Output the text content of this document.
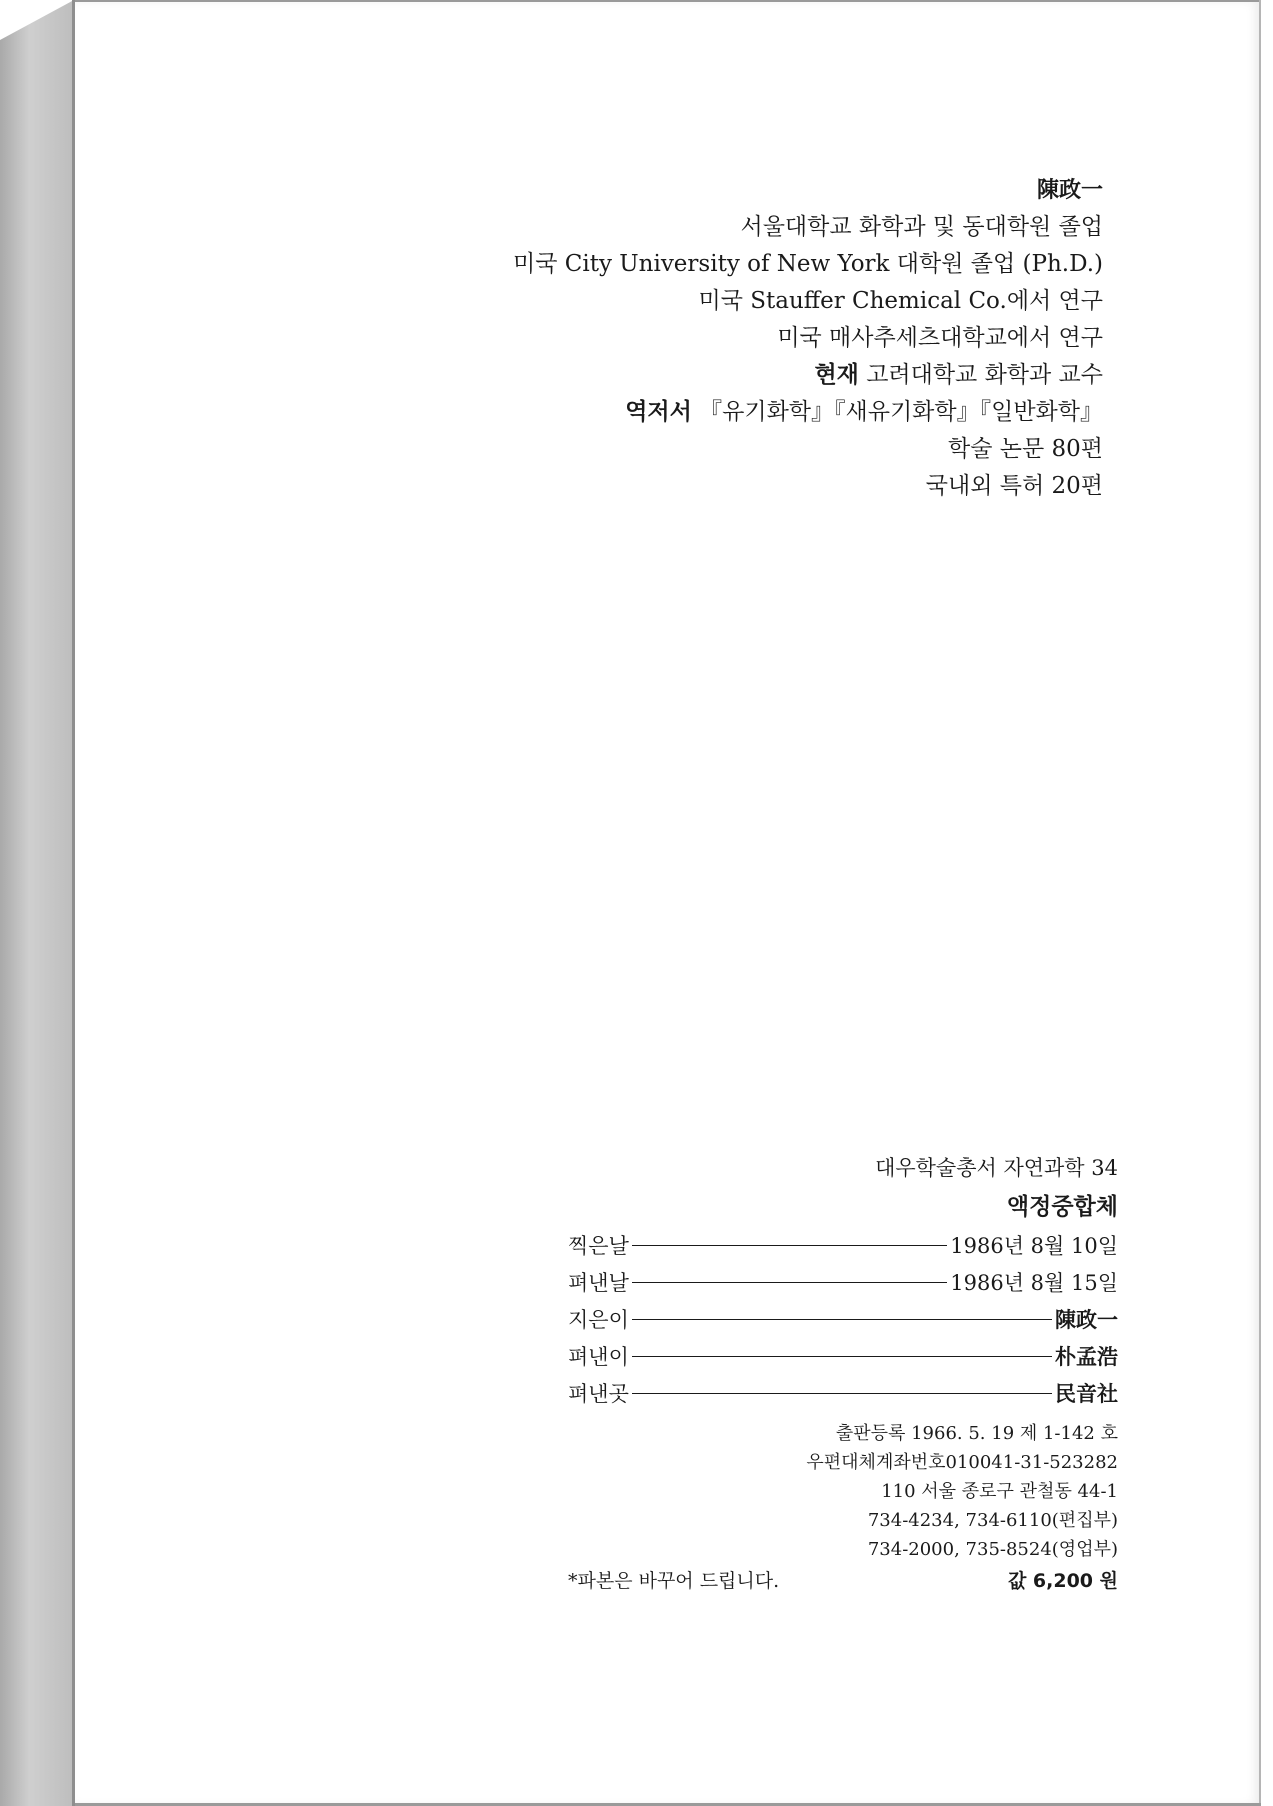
陳政一
서울대학교 화학과 및 동대학원 졸업
미국 City University of New York 대학원 졸업 (Ph.D.)
미국 Stauffer Chemical Co.에서 연구
미국 매사추세츠대학교에서 연구
현재 고려대학교 화학과 교수
역저서 『유기화학』『새유기화학』『일반화학』
학술 논문 80편
국내외 특허 20편
대우학술총서 자연과학 34
액정중합체
찍은날	1986년 8월 10일
펴낸날	1986년 8월 15일
지은이	陳政一
펴낸이	朴孟浩
펴낸곳	民音社
출판등록 1966. 5. 19 제 1-142 호
우편대체계좌번호010041-31-523282
110 서울 종로구 관철동 44-1
734-4234, 734-6110(편집부)
734-2000, 735-8524(영업부)
*파본은 바꾸어 드립니다.	값 6,200 원
